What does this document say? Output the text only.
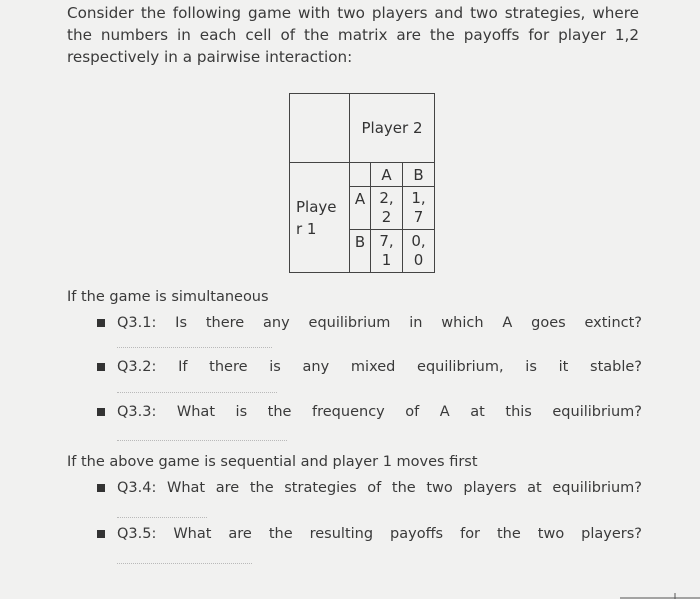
Consider the following game with two players and two strategies, where the numbers in each cell of the matrix are the payoffs for player 1,2 respectively in a pairwise interaction:

	Player 2		

Playe r 1		A	B
	A	2, 2	1, 7
	B	7, 1	0, 0

If the game is simultaneous

Q3.1: Is there any equilibrium in which A goes extinct?
Q3.2: If there is any mixed equilibrium, is it stable?
Q3.3: What is the frequency of A at this equilibrium?

If the above game is sequential and player 1 moves first

Q3.4: What are the strategies of the two players at equilibrium?
Q3.5: What are the resulting payoffs for the two players?
